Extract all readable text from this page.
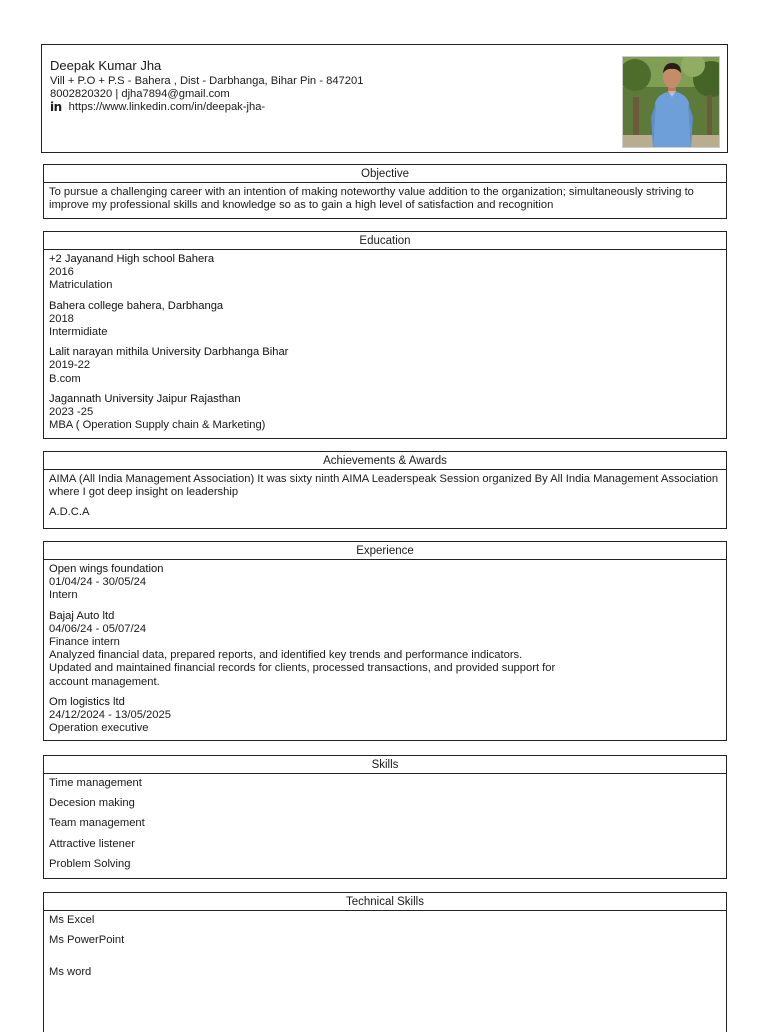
Deepak Kumar Jha
Vill + P.O + P.S - Bahera , Dist - Darbhanga, Bihar Pin - 847201
8002820320 | djha7894@gmail.com
in https://www.linkedin.com/in/deepak-jha-
Objective
To pursue a challenging career with an intention of making noteworthy value addition to the organization; simultaneously striving to improve my professional skills and knowledge so as to gain a high level of satisfaction and recognition
Education
+2 Jayanand High school Bahera
2016
Matriculation
Bahera college bahera, Darbhanga
2018
Intermidiate
Lalit narayan mithila University Darbhanga Bihar
2019-22
B.com
Jagannath University Jaipur Rajasthan
2023 -25
MBA ( Operation Supply chain & Marketing)
Achievements & Awards
AIMA (All India Management Association) It was sixty ninth AIMA Leaderspeak Session organized By All India Management Association where I got deep insight on leadership
A.D.C.A
Experience
Open wings foundation
01/04/24 - 30/05/24
Intern
Bajaj Auto ltd
04/06/24 - 05/07/24
Finance intern
Analyzed financial data, prepared reports, and identified key trends and performance indicators.
Updated and maintained financial records for clients, processed transactions, and provided support for
account management.
Om logistics ltd
24/12/2024 - 13/05/2025
Operation executive
Skills
Time management
Decesion making
Team management
Attractive listener
Problem Solving
Technical Skills
Ms Excel
Ms PowerPoint
Ms word
